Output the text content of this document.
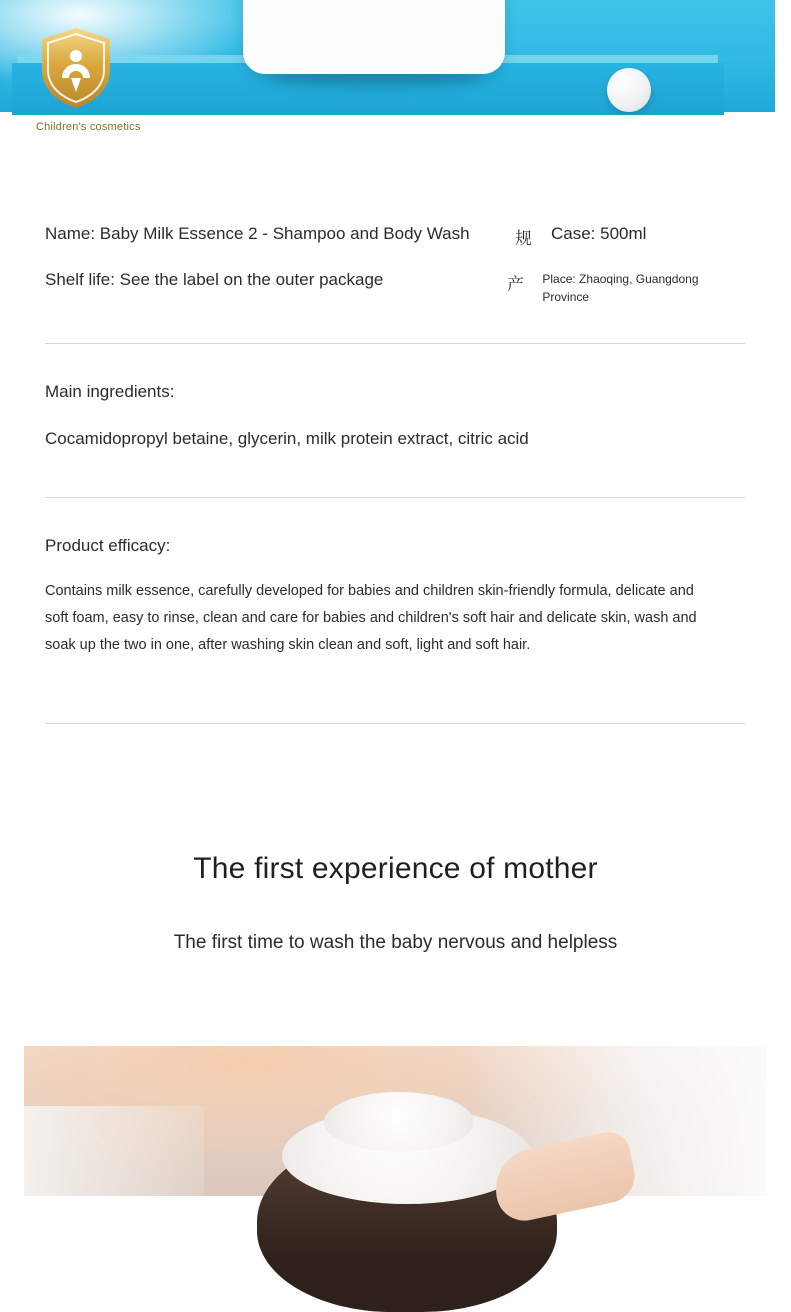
Children's cosmetics
Name: Baby Milk Essence 2 - Shampoo and Body Wash	规	Case: 500ml
Shelf life: See the label on the outer package	产	Place: Zhaoqing, Guangdong Province
Main ingredients:
Cocamidopropyl betaine, glycerin, milk protein extract, citric acid
Product efficacy:
Contains milk essence, carefully developed for babies and children skin-friendly formula, delicate and soft foam, easy to rinse, clean and care for babies and children's soft hair and delicate skin, wash and soak up the two in one, after washing skin clean and soft, light and soft hair.
The first experience of mother
The first time to wash the baby nervous and helpless
